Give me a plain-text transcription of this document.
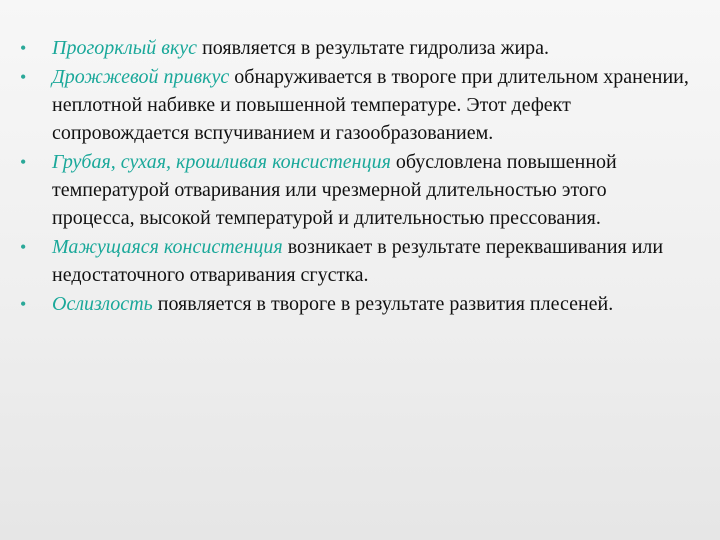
• Прогорклый вкус появляется в результате гидролиза жира.
• Дрожжевой привкус обнаруживается в твороге при длительном хранении, неплотной набивке и повышенной температуре. Этот дефект сопровождается вспучиванием и газообразованием.
• Грубая, сухая, крошливая консистенция обусловлена повышенной температурой отваривания или чрезмерной длительностью этого процесса, высокой температурой и длительностью прессования.
• Мажущаяся консистенция возникает в результате переквашивания или недостаточного отваривания сгустка.
• Ослизлость появляется в твороге в результате развития плесеней.
